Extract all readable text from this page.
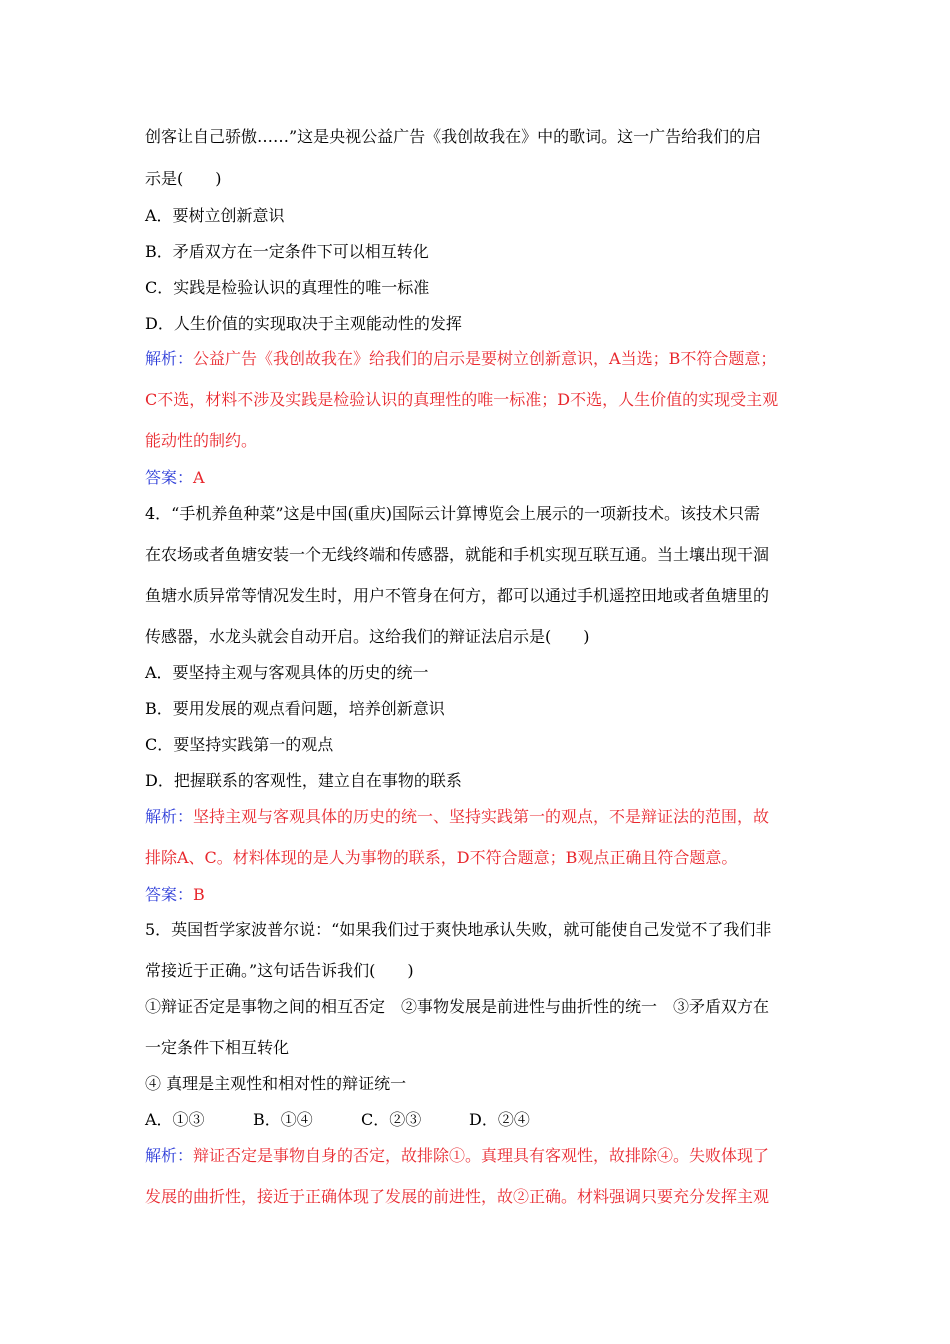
创客让自己骄傲……”这是央视公益广告《我创故我在》中的歌词。这一广告给我们的启
示是(　　)
A．要树立创新意识
B．矛盾双方在一定条件下可以相互转化
C．实践是检验认识的真理性的唯一标准
D．人生价值的实现取决于主观能动性的发挥
解析：公益广告《我创故我在》给我们的启示是要树立创新意识，A当选；B不符合题意；
C不选，材料不涉及实践是检验认识的真理性的唯一标准；D不选，人生价值的实现受主观
能动性的制约。
答案：A
4．“手机养鱼种菜”这是中国(重庆)国际云计算博览会上展示的一项新技术。该技术只需
在农场或者鱼塘安装一个无线终端和传感器，就能和手机实现互联互通。当土壤出现干涸
鱼塘水质异常等情况发生时，用户不管身在何方，都可以通过手机遥控田地或者鱼塘里的
传感器，水龙头就会自动开启。这给我们的辩证法启示是(　　)
A．要坚持主观与客观具体的历史的统一
B．要用发展的观点看问题，培养创新意识
C．要坚持实践第一的观点
D．把握联系的客观性，建立自在事物的联系
解析：坚持主观与客观具体的历史的统一、坚持实践第一的观点，不是辩证法的范围，故
排除A、C。材料体现的是人为事物的联系，D不符合题意；B观点正确且符合题意。
答案：B
5．英国哲学家波普尔说：“如果我们过于爽快地承认失败，就可能使自己发觉不了我们非
常接近于正确。”这句话告诉我们(　　)
①辩证否定是事物之间的相互否定　②事物发展是前进性与曲折性的统一　③矛盾双方在
一定条件下相互转化
④ 真理是主观性和相对性的辩证统一
A．①③	B．①④	C．②③	D．②④
解析：辩证否定是事物自身的否定，故排除①。真理具有客观性，故排除④。失败体现了
发展的曲折性，接近于正确体现了发展的前进性，故②正确。材料强调只要充分发挥主观
